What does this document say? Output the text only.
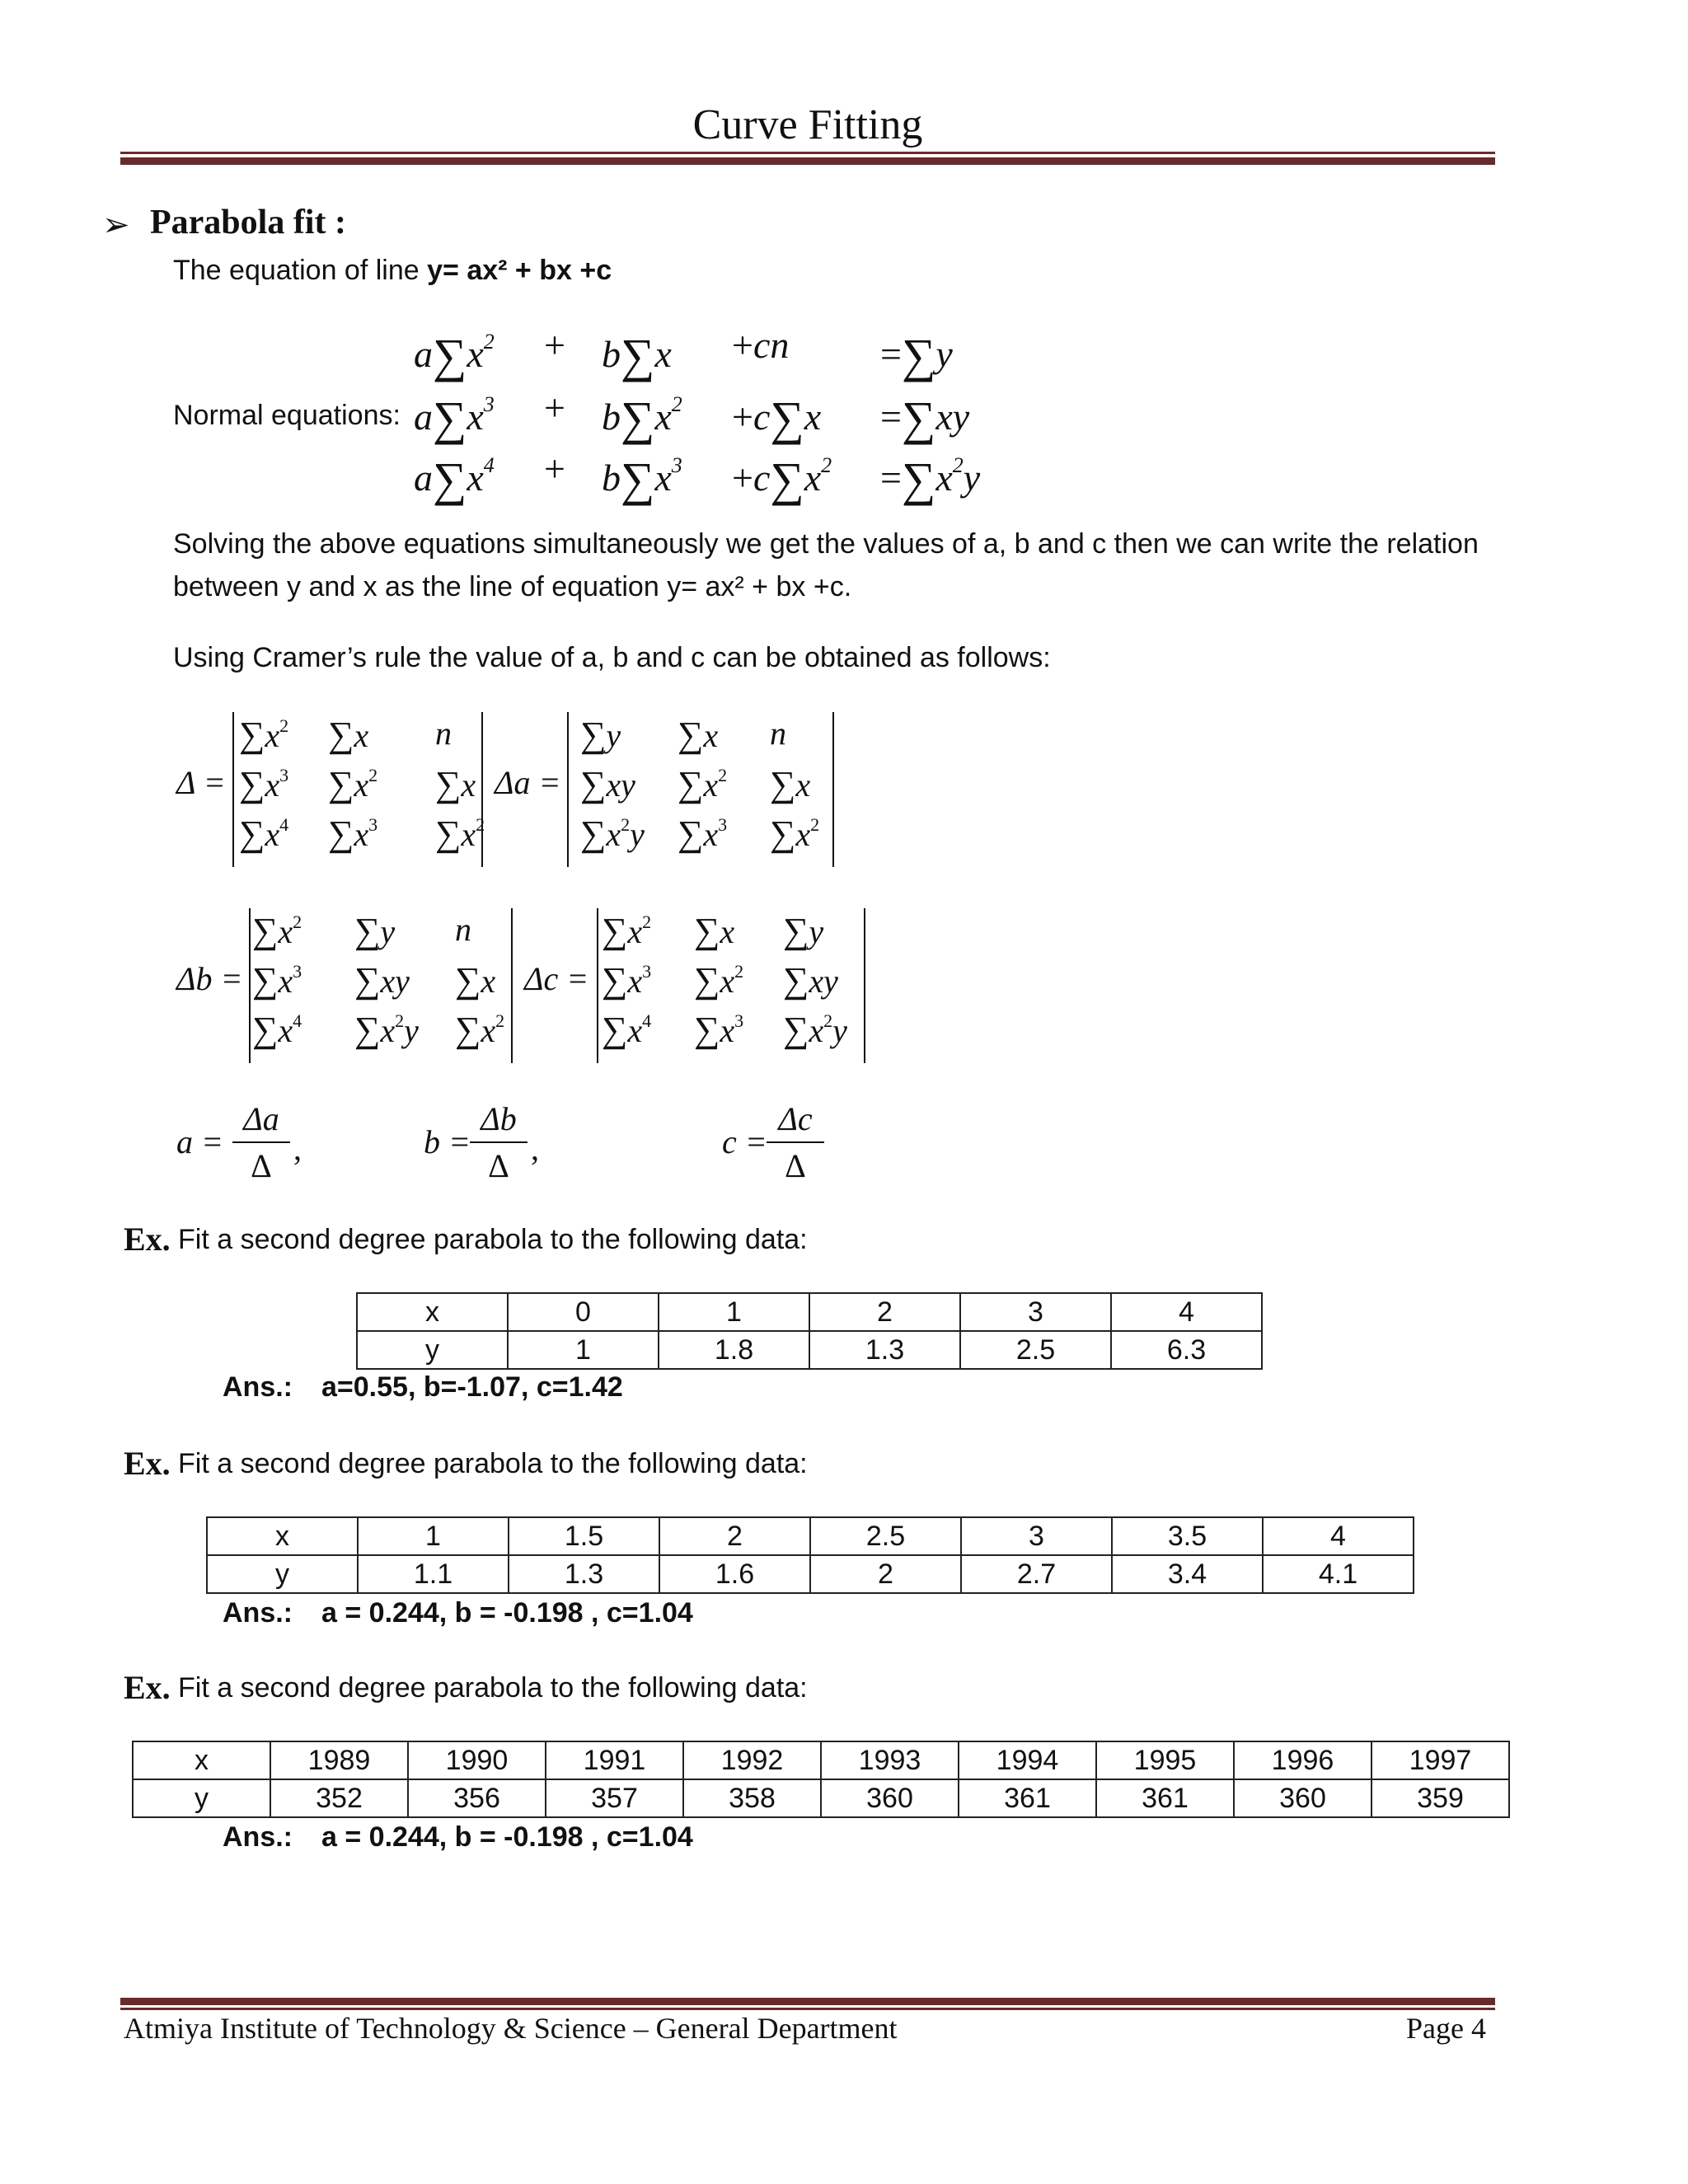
Curve Fitting
➢ Parabola fit :
The equation of line y= ax² + bx +c
Normal equations:
$a\sum x^2 + b\sum x +cn =\sum y$
$a\sum x^3 + b\sum x^2 +c\sum x =\sum xy$
$a\sum x^4 + b\sum x^3 +c\sum x^2 =\sum x^2y$
Solving the above equations simultaneously we get the values of a, b and c then we can write the relation
between y and x as the line of equation y= ax² + bx +c.
Using Cramer’s rule the value of a, b and c can be obtained as follows:
Δ =
$\sum x^2$ ∑x n
$\sum x^3$ $\sum x^2$ ∑x
$\sum x^4$ $\sum x^3$ $\sum x^2$
Δa =
∑y ∑x n
∑xy $\sum x^2$ ∑x
$\sum x^2y$ $\sum x^3$ $\sum x^2$
Δb =
$\sum x^2$ ∑y n
$\sum x^3$ ∑xy ∑x
$\sum x^4$ $\sum x^2y$ $\sum x^2$
Δc =
$\sum x^2$ ∑x ∑y
$\sum x^3$ $\sum x^2$ ∑xy
$\sum x^4$ $\sum x^3$ $\sum x^2y$
a =
Δa
Δ ,	b =
Δb
Δ ,	c =
Δc
Δ
Ex. Fit a second degree parabola to the following data:
x	0	1	2	3	4
y	1	1.8	1.3	2.5	6.3
Ans.: a=0.55, b=-1.07, c=1.42
Ex. Fit a second degree parabola to the following data:
x	1	1.5	2	2.5	3	3.5	4
y	1.1	1.3	1.6	2	2.7	3.4	4.1
Ans.: a = 0.244, b = -0.198 , c=1.04
Ex. Fit a second degree parabola to the following data:
x	1989	1990	1991	1992	1993	1994	1995	1996	1997
y	352	356	357	358	360	361	361	360	359
Ans.: a = 0.244, b = -0.198 , c=1.04
Atmiya Institute of Technology & Science – General Department	Page 4
